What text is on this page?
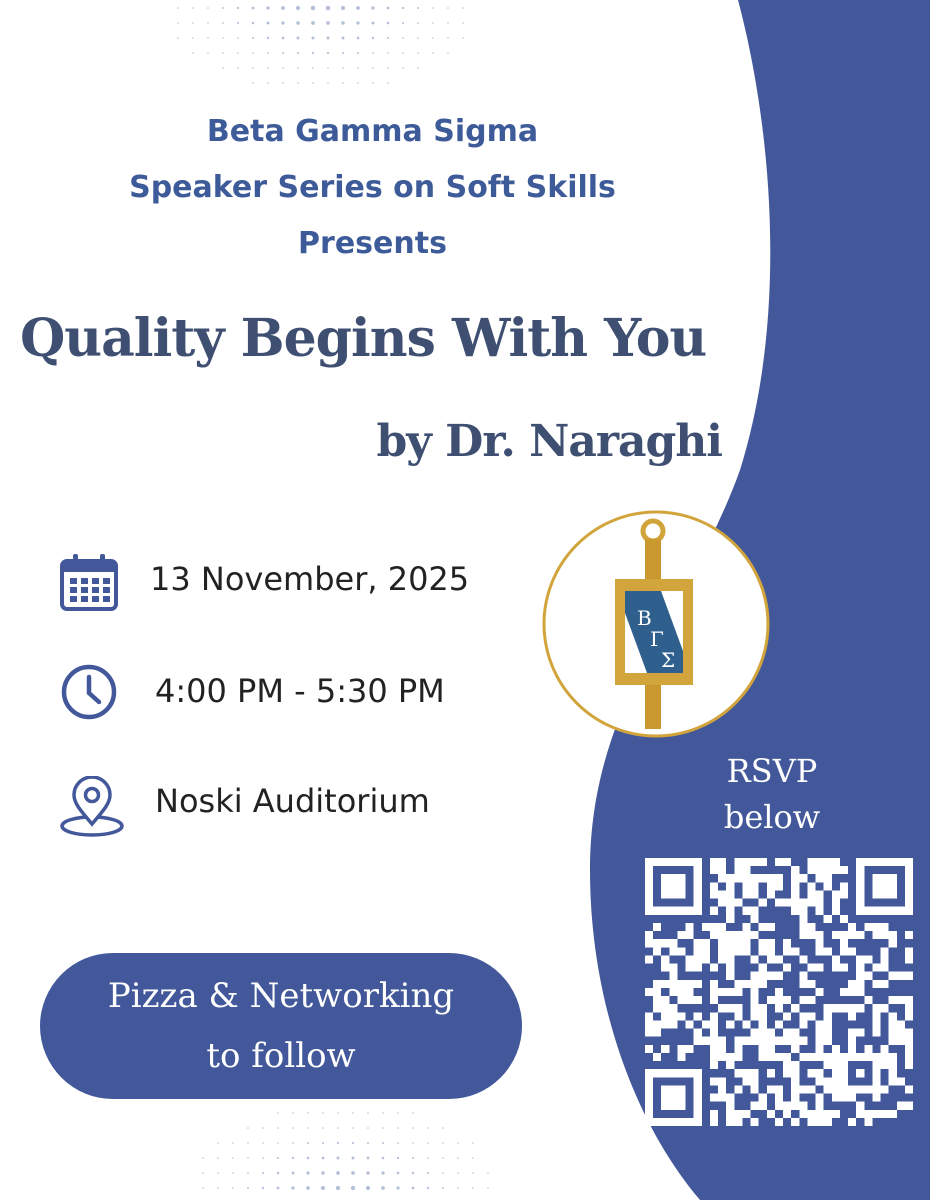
Beta Gamma Sigma
Speaker Series on Soft Skills
Presents
Quality Begins With You
by Dr. Naraghi
13 November, 2025
4:00 PM - 5:30 PM
Noski Auditorium
Pizza & Networking
to follow
Β
Γ
Σ
RSVP
below
